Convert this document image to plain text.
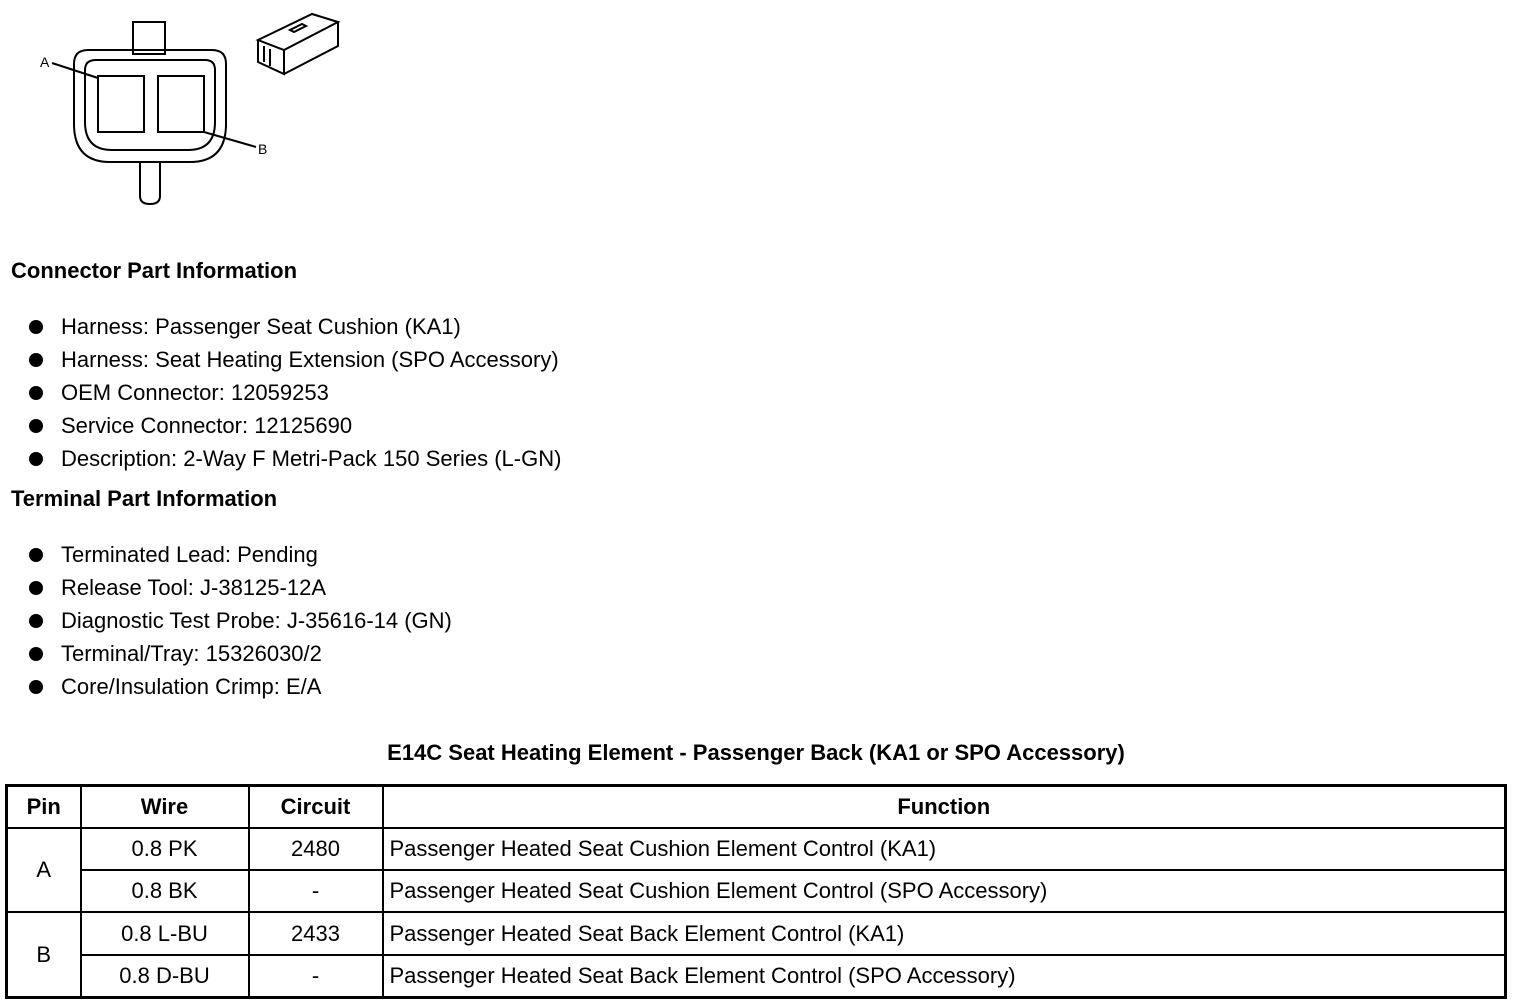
A
B
Connector Part Information
Harness: Passenger Seat Cushion (KA1)
Harness: Seat Heating Extension (SPO Accessory)
OEM Connector: 12059253
Service Connector: 12125690
Description: 2-Way F Metri-Pack 150 Series (L-GN)
Terminal Part Information
Terminated Lead: Pending
Release Tool: J-38125-12A
Diagnostic Test Probe: J-35616-14 (GN)
Terminal/Tray: 15326030/2
Core/Insulation Crimp: E/A
E14C Seat Heating Element - Passenger Back (KA1 or SPO Accessory)
Pin	Wire	Circuit	Function
A	0.8 PK	2480	Passenger Heated Seat Cushion Element Control (KA1)
	0.8 BK	-	Passenger Heated Seat Cushion Element Control (SPO Accessory)
B	0.8 L-BU	2433	Passenger Heated Seat Back Element Control (KA1)
	0.8 D-BU	-	Passenger Heated Seat Back Element Control (SPO Accessory)
